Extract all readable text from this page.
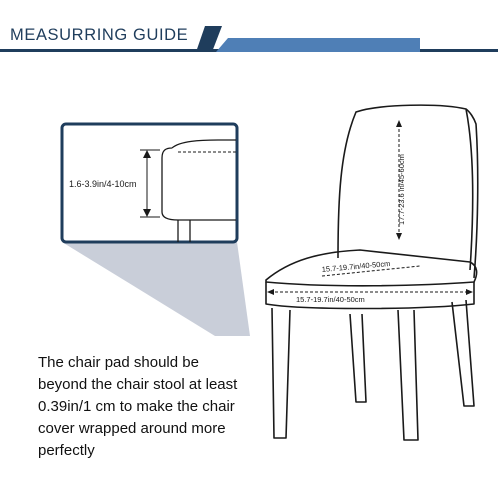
MEASURRING GUIDE
1.6-3.9in/4-10cm	17.7-23.6 in/45-60cm
15.7-19.7in/40-50cm
15.7-19.7in/40-50cm

The chair pad should be beyond the chair stool at least 0.39in/1 cm to make the chair cover wrapped around more perfectly
